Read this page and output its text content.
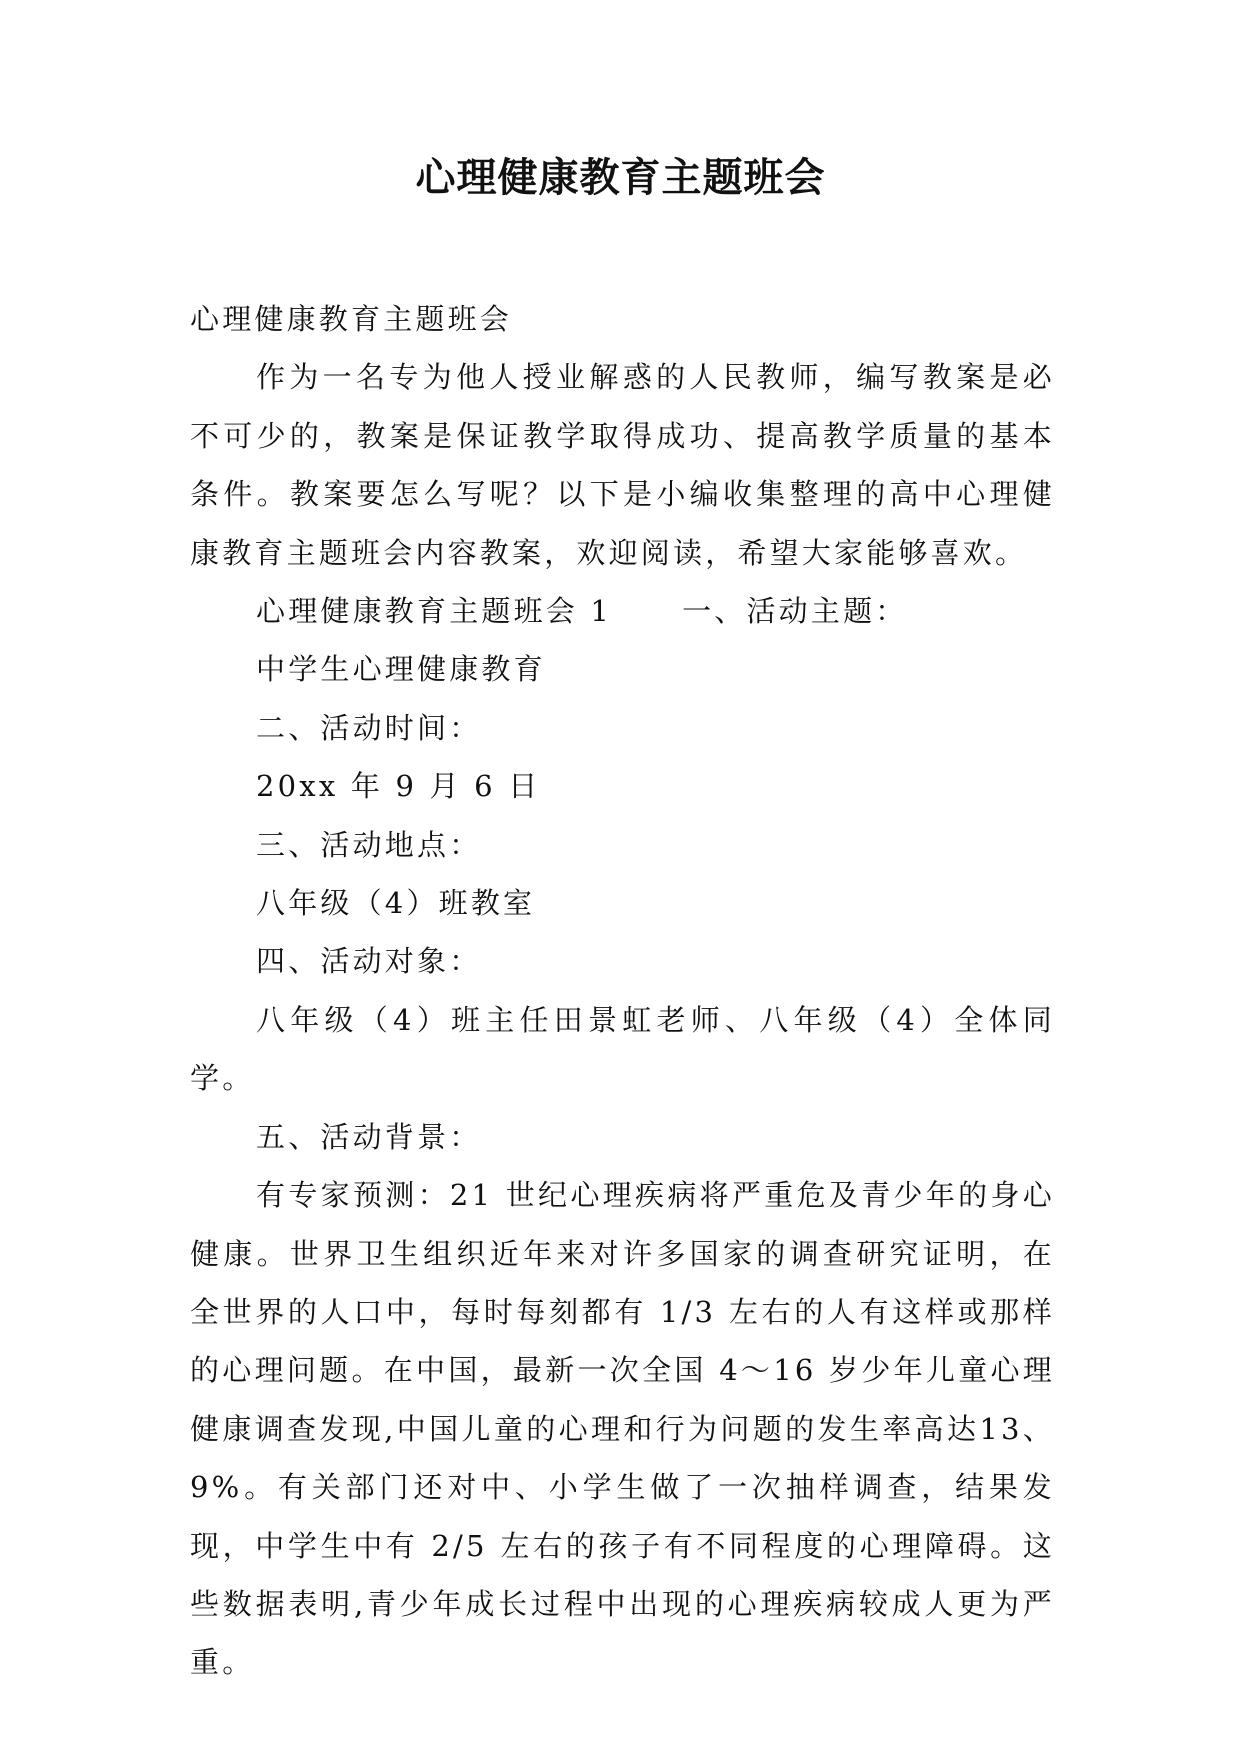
心理健康教育主题班会

心理健康教育主题班会

作为一名专为他人授业解惑的人民教师，编写教案是必不可少的，教案是保证教学取得成功、提高教学质量的基本条件。教案要怎么写呢？以下是小编收集整理的高中心理健康教育主题班会内容教案，欢迎阅读，希望大家能够喜欢。

心理健康教育主题班会 1 一、活动主题：

中学生心理健康教育

二、活动时间：

20xx 年 9 月 6 日

三、活动地点：

八年级（4）班教室

四、活动对象：

八年级（4）班主任田景虹老师、八年级（4）全体同学。

五、活动背景：

有专家预测：21 世纪心理疾病将严重危及青少年的身心健康。世界卫生组织近年来对许多国家的调查研究证明，在全世界的人口中，每时每刻都有 1/3 左右的人有这样或那样的心理问题。在中国，最新一次全国 4～16 岁少年儿童心理健康调查发现,中国儿童的心理和行为问题的发生率高达13、9%。有关部门还对中、小学生做了一次抽样调查，结果发现，中学生中有 2/5 左右的孩子有不同程度的心理障碍。这些数据表明,青少年成长过程中出现的心理疾病较成人更为严重。
